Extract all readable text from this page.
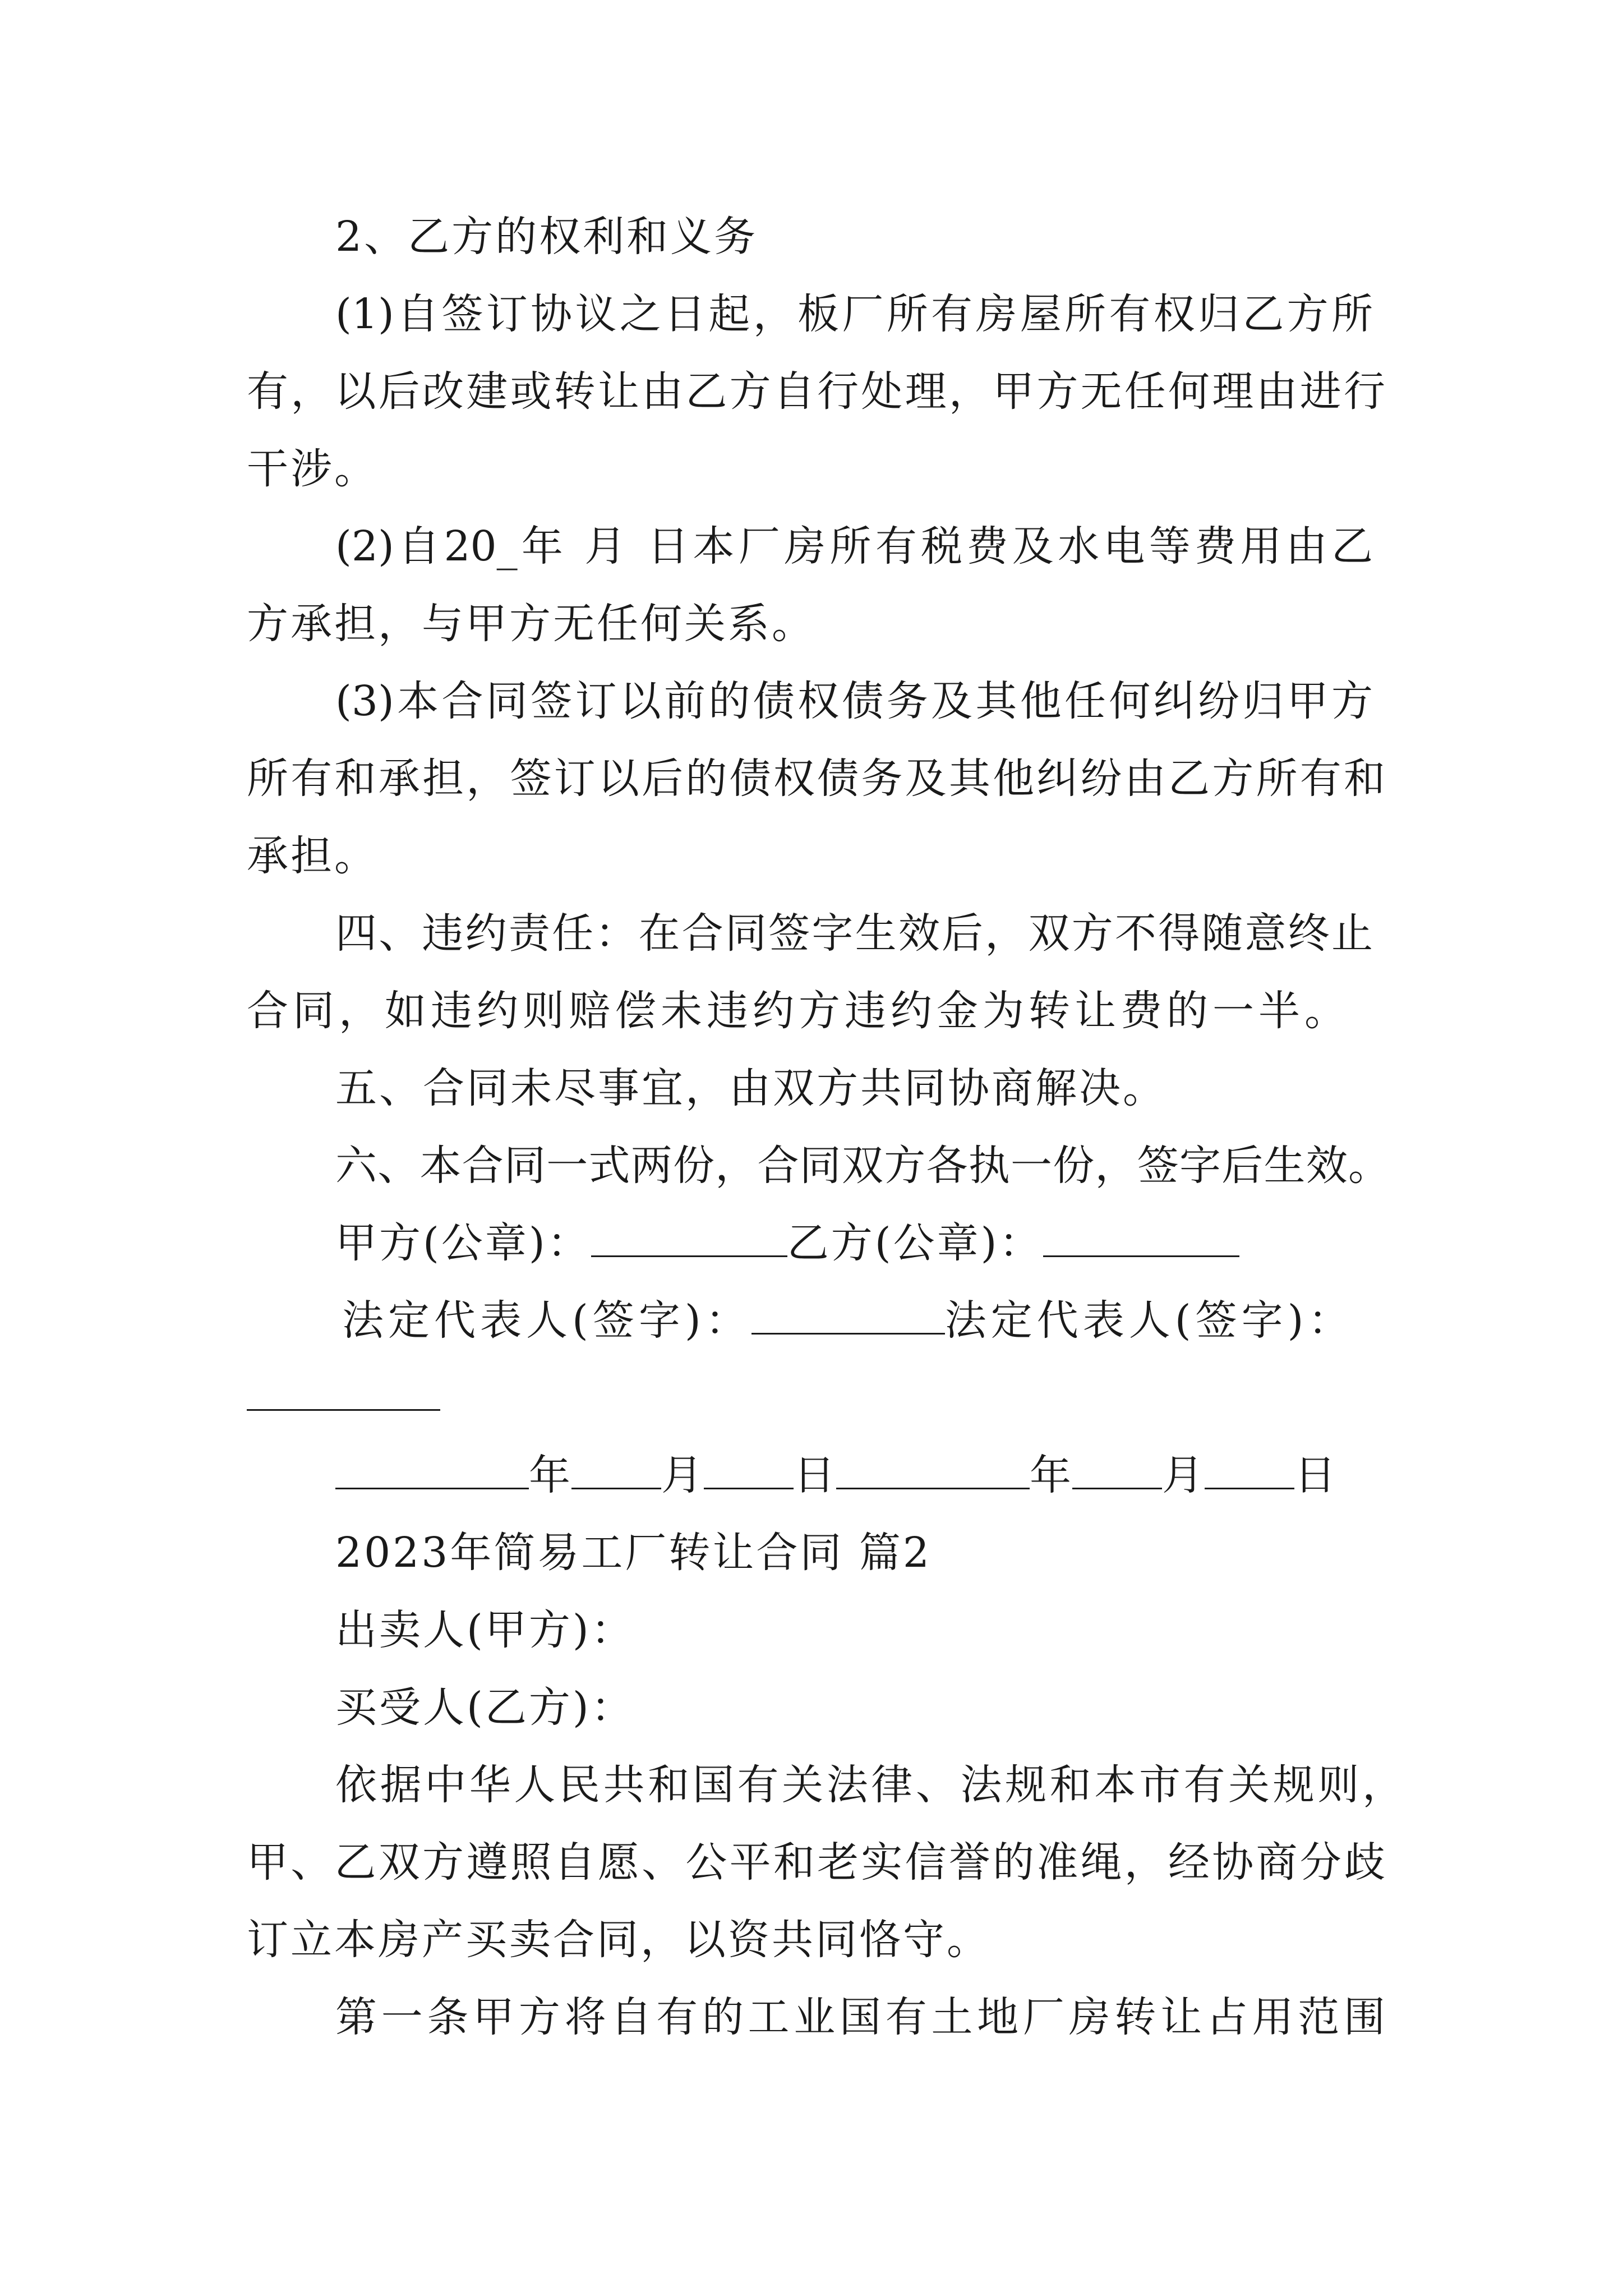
2、乙方的权利和义务
(1)自签订协议之日起，板厂所有房屋所有权归乙方所
有，以后改建或转让由乙方自行处理，甲方无任何理由进行
干涉。
(2)自20_年 月 日本厂房所有税费及水电等费用由乙
方承担，与甲方无任何关系。
(3)本合同签订以前的债权债务及其他任何纠纷归甲方
所有和承担，签订以后的债权债务及其他纠纷由乙方所有和
承担。
四、违约责任：在合同签字生效后，双方不得随意终止
合同，如违约则赔偿未违约方违约金为转让费的一半。
五、合同未尽事宜，由双方共同协商解决。
六、本合同一式两份，合同双方各执一份，签字后生效。
甲方(公章)：	乙方(公章)：
法定代表人(签字)：	法定代表人(签字)：
年 月 日	年 月 日
2023年简易工厂转让合同 篇2
出卖人(甲方)：
买受人(乙方)：
依据中华人民共和国有关法律、法规和本市有关规则，
甲、乙双方遵照自愿、公平和老实信誉的准绳，经协商分歧
订立本房产买卖合同，以资共同恪守。
第一条甲方将自有的工业国有土地厂房转让占用范围
